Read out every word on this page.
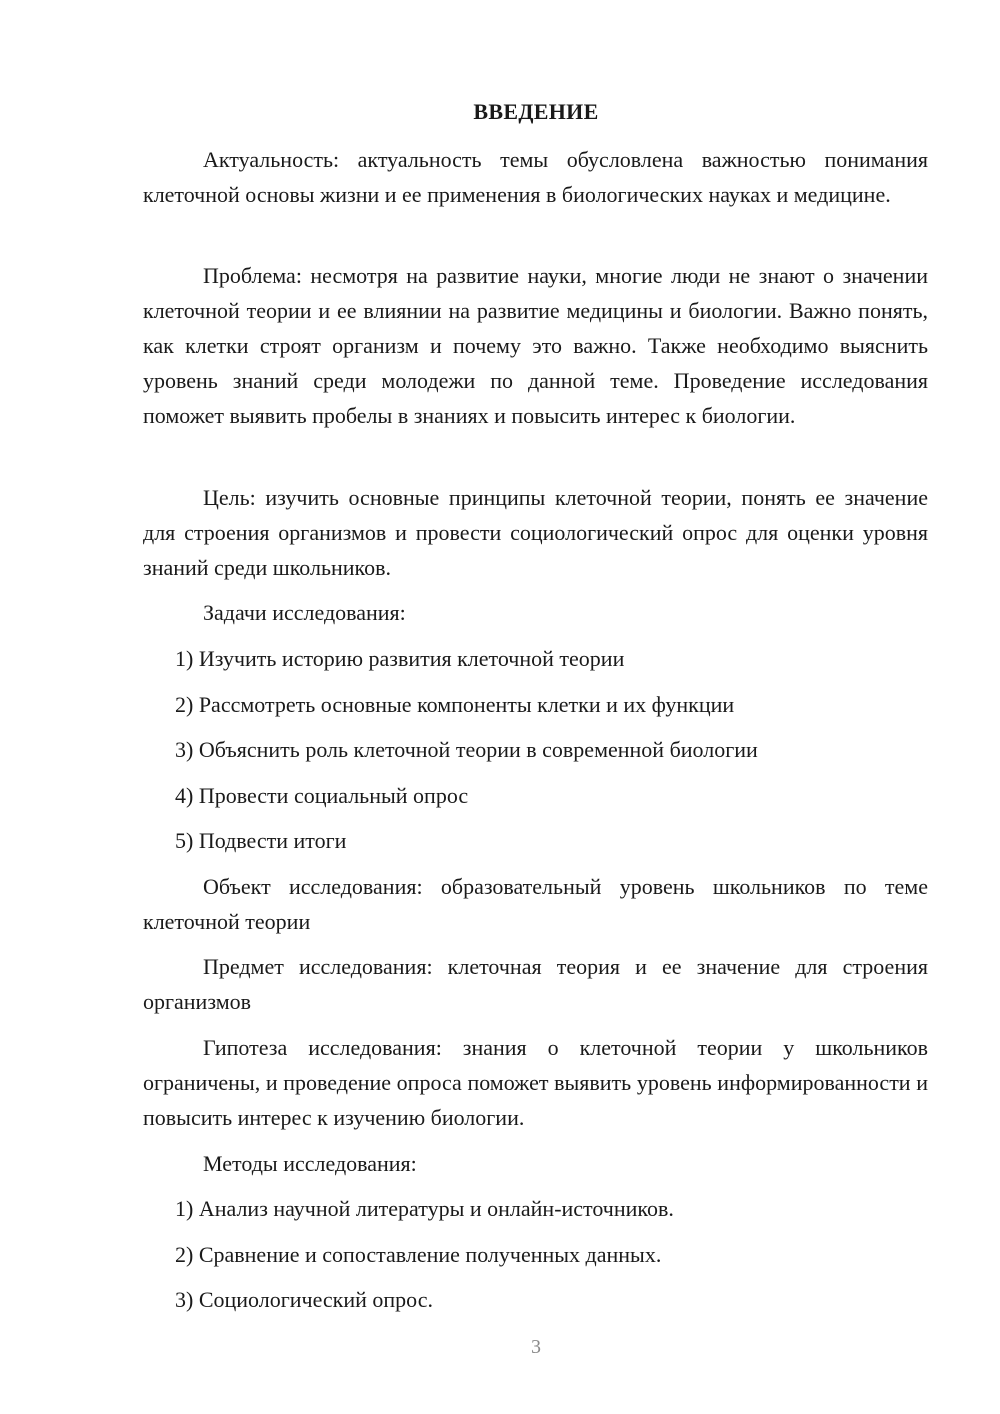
ВВЕДЕНИЕ

Актуальность: актуальность темы обусловлена важностью понимания клеточной основы жизни и ее применения в биологических науках и медицине.

Проблема: несмотря на развитие науки, многие люди не знают о значении клеточной теории и ее влиянии на развитие медицины и биологии. Важно понять, как клетки строят организм и почему это важно. Также необходимо выяснить уровень знаний среди молодежи по данной теме. Проведение исследования поможет выявить пробелы в знаниях и повысить интерес к биологии.

Цель: изучить основные принципы клеточной теории, понять ее значение для строения организмов и провести социологический опрос для оценки уровня знаний среди школьников.

Задачи исследования:

1) Изучить историю развития клеточной теории

2) Рассмотреть основные компоненты клетки и их функции

3) Объяснить роль клеточной теории в современной биологии

4) Провести социальный опрос

5) Подвести итоги

Объект исследования: образовательный уровень школьников по теме клеточной теории

Предмет исследования: клеточная теория и ее значение для строения организмов

Гипотеза исследования: знания о клеточной теории у школьников ограничены, и проведение опроса поможет выявить уровень информированности и повысить интерес к изучению биологии.

Методы исследования:

1) Анализ научной литературы и онлайн-источников.

2) Сравнение и сопоставление полученных данных.

3) Социологический опрос.

3
